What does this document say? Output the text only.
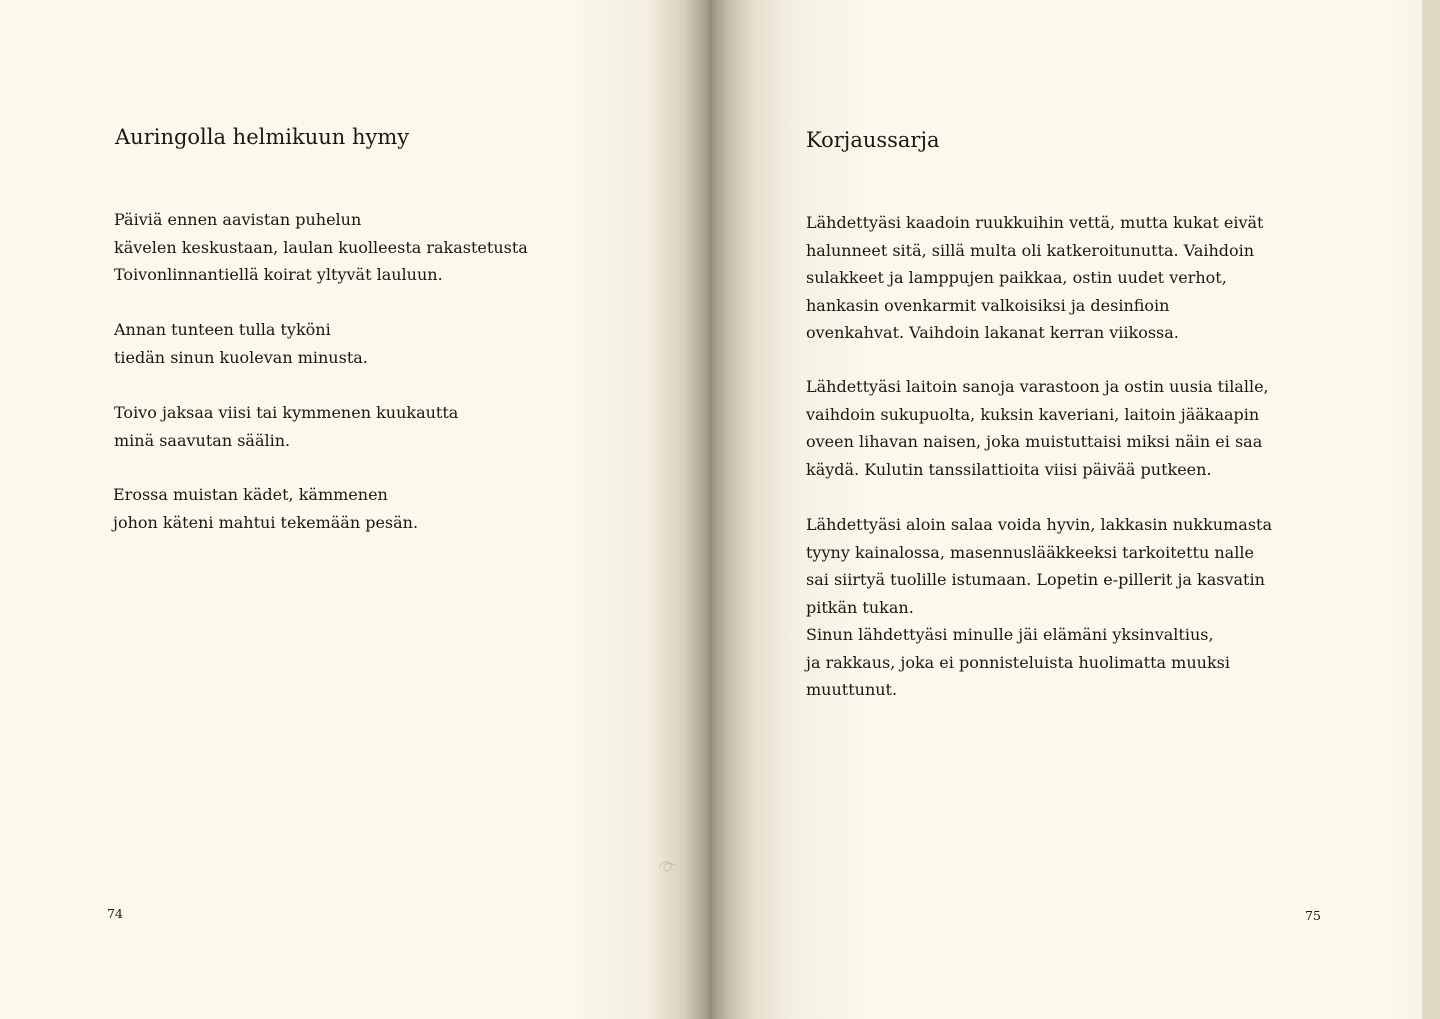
Auringolla helmikuun hymy

Päiviä ennen aavistan puhelun
kävelen keskustaan, laulan kuolleesta rakastetusta
Toivonlinnantiellä koirat yltyvät lauluun.

Annan tunteen tulla tyköni
tiedän sinun kuolevan minusta.

Toivo jaksaa viisi tai kymmenen kuukautta
minä saavutan säälin.

Erossa muistan kädet, kämmenen
johon käteni mahtui tekemään pesän.

74
Korjaussarja

Lähdettyäsi kaadoin ruukkuihin vettä, mutta kukat eivät
halunneet sitä, sillä multa oli katkeroitunutta. Vaihdoin
sulakkeet ja lamppujen paikkaa, ostin uudet verhot,
hankasin ovenkarmit valkoisiksi ja desinfioin
ovenkahvat. Vaihdoin lakanat kerran viikossa.

Lähdettyäsi laitoin sanoja varastoon ja ostin uusia tilalle,
vaihdoin sukupuolta, kuksin kaveriani, laitoin jääkaapin
oveen lihavan naisen, joka muistuttaisi miksi näin ei saa
käydä. Kulutin tanssilattioita viisi päivää putkeen.

Lähdettyäsi aloin salaa voida hyvin, lakkasin nukkumasta
tyyny kainalossa, masennuslääkkeeksi tarkoitettu nalle
sai siirtyä tuolille istumaan. Lopetin e-pillerit ja kasvatin
pitkän tukan.
Sinun lähdettyäsi minulle jäi elämäni yksinvaltius,
ja rakkaus, joka ei ponnisteluista huolimatta muuksi
muuttunut.

75
